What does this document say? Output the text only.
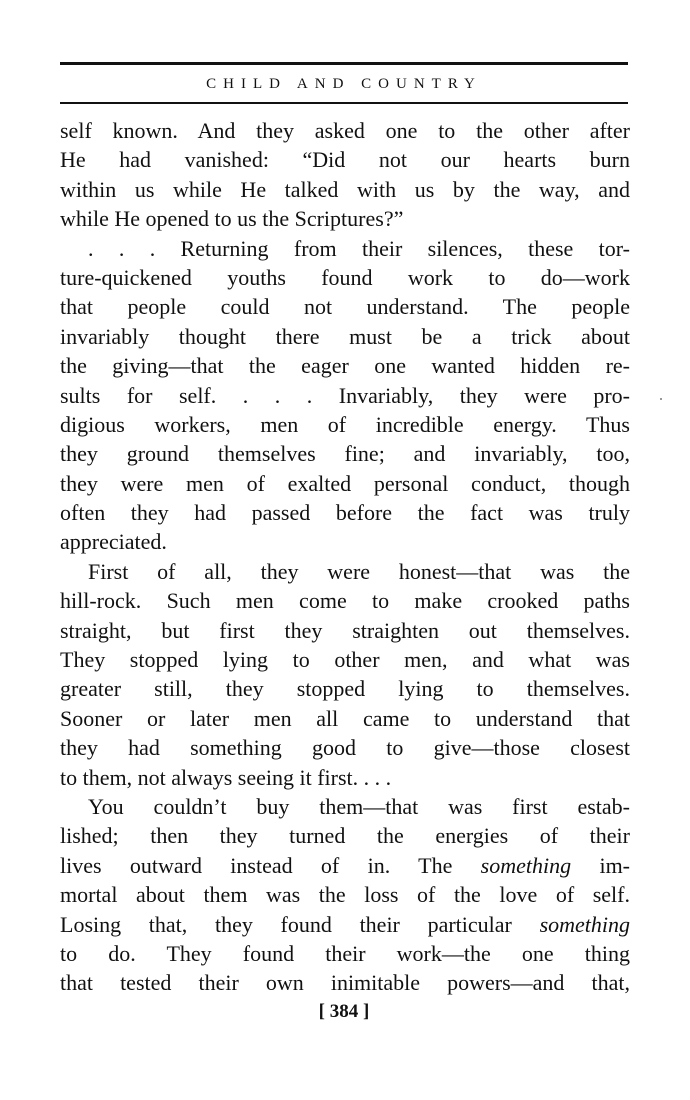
CHILD AND COUNTRY
self known. And they asked one to the other after
He had vanished: “Did not our hearts burn
within us while He talked with us by the way, and
while He opened to us the Scriptures?”
. . . Returning from their silences, these tor-
ture-quickened youths found work to do—work
that people could not understand. The people
invariably thought there must be a trick about
the giving—that the eager one wanted hidden re-
sults for self. . . . Invariably, they were pro-
digious workers, men of incredible energy. Thus
they ground themselves fine; and invariably, too,
they were men of exalted personal conduct, though
often they had passed before the fact was truly
appreciated.
First of all, they were honest—that was the
hill-rock. Such men come to make crooked paths
straight, but first they straighten out themselves.
They stopped lying to other men, and what was
greater still, they stopped lying to themselves.
Sooner or later men all came to understand that
they had something good to give—those closest
to them, not always seeing it first. . . .
You couldn’t buy them—that was first estab-
lished; then they turned the energies of their
lives outward instead of in. The something im-
mortal about them was the loss of the love of self.
Losing that, they found their particular something
to do. They found their work—the one thing
that tested their own inimitable powers—and that,
[ 384 ]
